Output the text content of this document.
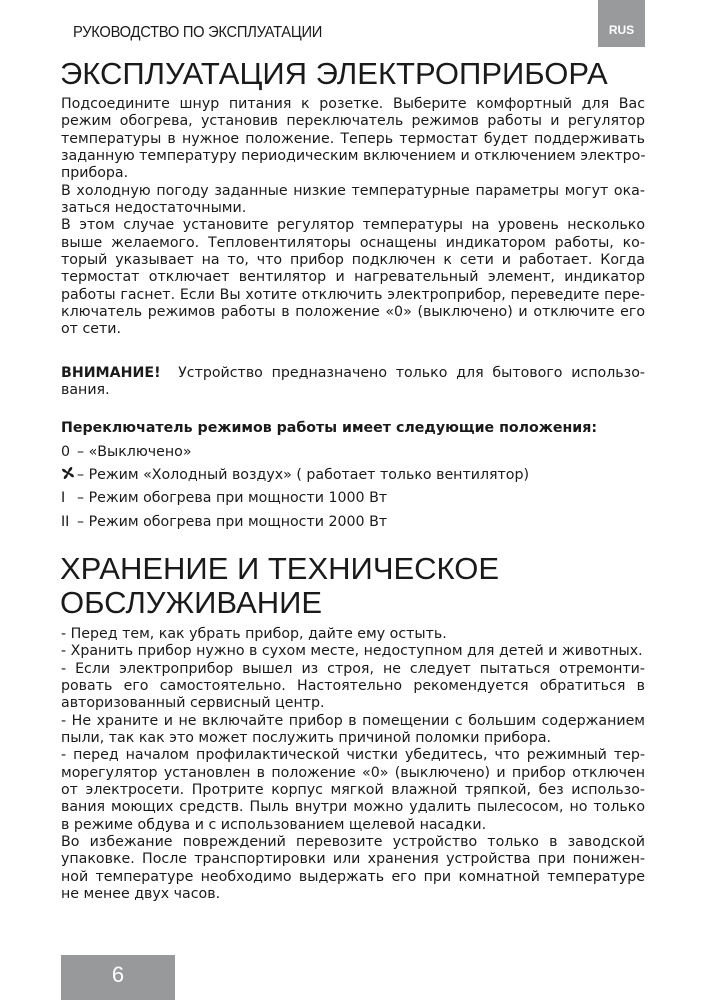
РУКОВОДСТВО ПО ЭКСПЛУАТАЦИИ	RUS
ЭКСПЛУАТАЦИЯ ЭЛЕКТРОПРИБОРА
Подсоедините шнур питания к розетке. Выберите комфортный для Вас
режим обогрева, установив переключатель режимов работы и регулятор
температуры в нужное положение. Теперь термостат будет поддерживать
заданную температуру периодическим включением и отключением электро-
прибора.
В холодную погоду заданные низкие температурные параметры могут ока-
заться недостаточными.
В этом случае установите регулятор температуры на уровень несколько
выше желаемого. Тепловентиляторы оснащены индикатором работы, ко-
торый указывает на то, что прибор подключен к сети и работает. Когда
термостат отключает вентилятор и нагревательный элемент, индикатор
работы гаснет. Если Вы хотите отключить электроприбор, переведите пере-
ключатель режимов работы в положение «0» (выключено) и отключите его
от сети.
ВНИМАНИЕ! Устройство предназначено только для бытового использо-
вания.
Переключатель режимов работы имеет следующие положения:
0 – «Выключено»
– Режим «Холодный воздух» ( работает только вентилятор)
I – Режим обогрева при мощности 1000 Вт
II – Режим обогрева при мощности 2000 Вт
ХРАНЕНИЕ И ТЕХНИЧЕСКОЕ
ОБСЛУЖИВАНИЕ
- Перед тем, как убрать прибор, дайте ему остыть.
- Хранить прибор нужно в сухом месте, недоступном для детей и животных.
- Если электроприбор вышел из строя, не следует пытаться отремонти-
ровать его самостоятельно. Настоятельно рекомендуется обратиться в
авторизованный сервисный центр.
- Не храните и не включайте прибор в помещении с большим содержанием
пыли, так как это может послужить причиной поломки прибора.
- перед началом профилактической чистки убедитесь, что режимный тер-
морегулятор установлен в положение «0» (выключено) и прибор отключен
от электросети. Протрите корпус мягкой влажной тряпкой, без использо-
вания моющих средств. Пыль внутри можно удалить пылесосом, но только
в режиме обдува и с использованием щелевой насадки.
Во избежание повреждений перевозите устройство только в заводской
упаковке. После транспортировки или хранения устройства при понижен-
ной температуре необходимо выдержать его при комнатной температуре
не менее двух часов.
6
